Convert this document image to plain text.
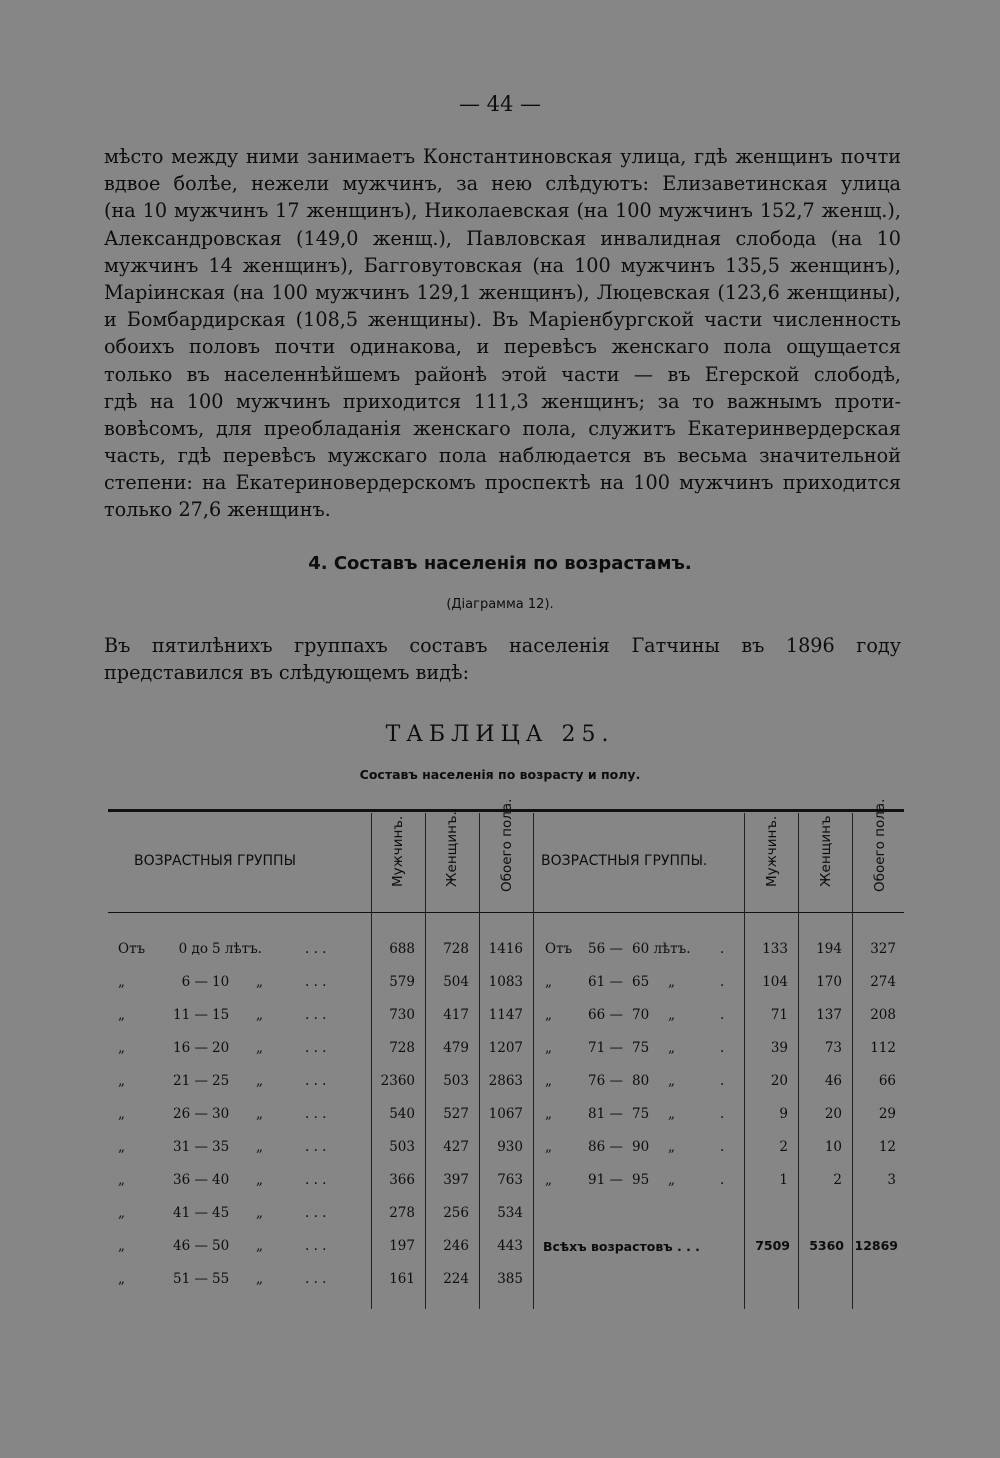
— 44 —
мѣсто между ними занимаетъ Константиновская улица, гдѣ женщинъ почти
вдвое болѣе, нежели мужчинъ, за нею слѣдуютъ: Елизаветинская улица
(на 10 мужчинъ 17 женщинъ), Николаевская (на 100 мужчинъ 152,7 женщ.),
Александровская (149,0 женщ.), Павловская инвалидная слобода (на 10
мужчинъ 14 женщинъ), Багговутовская (на 100 мужчинъ 135,5 женщинъ),
Маріинская (на 100 мужчинъ 129,1 женщинъ), Люцевская (123,6 женщины),
и Бомбардирская (108,5 женщины). Въ Маріенбургской части численность
обоихъ половъ почти одинакова, и перевѣсъ женскаго пола ощущается
только въ населеннѣйшемъ районѣ этой части — въ Егерской слободѣ,
гдѣ на 100 мужчинъ приходится 111,3 женщинъ; за то важнымъ проти-
вовѣсомъ, для преобладанія женскаго пола, служитъ Екатеринвердерская
часть, гдѣ перевѣсъ мужскаго пола наблюдается въ весьма значительной
степени: на Екатериновердерскомъ проспектѣ на 100 мужчинъ приходится
только 27,6 женщинъ.
4. Составъ населенія по возрастамъ.
(Діаграмма 12).
Въ пятилѣнихъ группахъ составъ населенія Гатчины въ 1896 году
представился въ слѣдующемъ видѣ:
ТАБЛИЦА 25.
Составъ населенія по возрасту и полу.
ВОЗРАСТНЫЯ ГРУППЫ	Мужчинъ.	Женщинъ.	Обоего пола. ВОЗРАСТНЫЯ ГРУППЫ.	Мужчинъ.	Женщинъ	Обоего пола.
Отъ	0 до 5 лѣтъ.	. . .	688	728	1416
„	6 — 10	„	. . .	579	504	1083
„	11 — 15	„	. . .	730	417	1147
„	16 — 20	„	. . .	728	479	1207
„	21 — 25	„	. . .	2360	503	2863
„	26 — 30	„	. . .	540	527	1067
„	31 — 35	„	. . .	503	427	930
„	36 — 40	„	. . .	366	397	763
„	41 — 45	„	. . .	278	256	534
„	46 — 50	„	. . .	197	246	443
„	51 — 55	„	. . .	161	224	385
Отъ	56 — 60 лѣтъ.	.	133	194	327
„	61 — 65	„	.	104	170	274
„	66 — 70	„	.	71	137	208
„	71 — 75	„	.	39	73	112
„	76 — 80	„	.	20	46	66
„	81 — 75	„	.	9	20	29
„	86 — 90	„	.	2	10	12
„	91 — 95	„	.	1	2	3
Всѣхъ возрастовъ . . .	7509	5360 12869
